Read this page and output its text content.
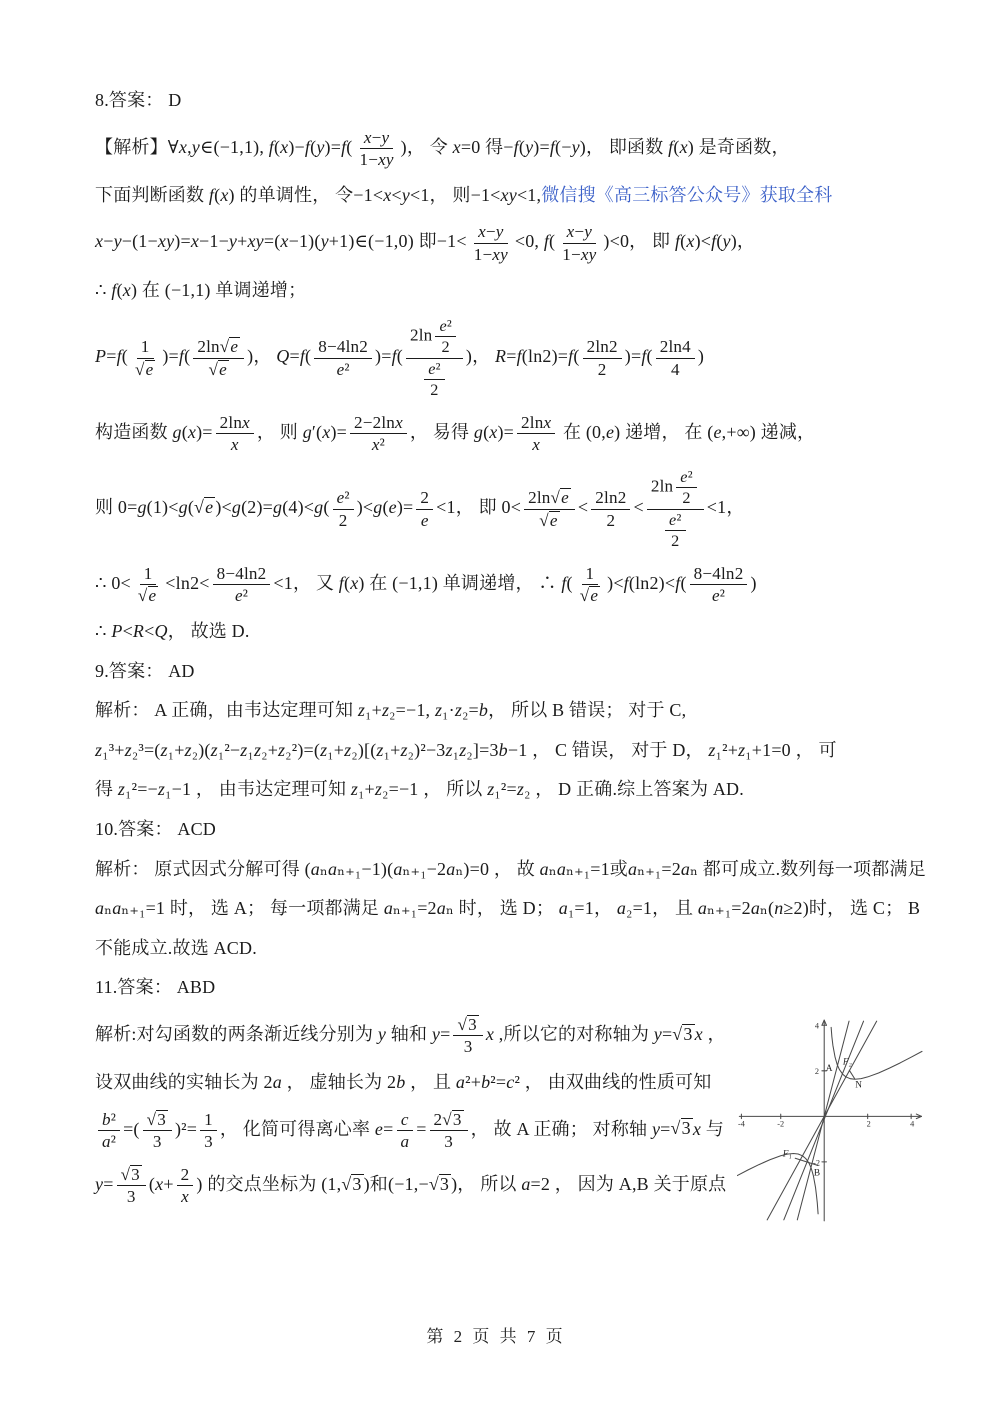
8.答案： D
【解析】∀x,y∈(−1,1), $f(x)-f(y)=f( \frac{x-y}{1-xy}$ )， 令 x=0 得−f(y)=f(−y)， 即函数 f(x) 是奇函数，
下面判断函数 f(x) 的单调性， 令−1<x<y<1， 则−1<xy<1,微信搜《高三标答公众号》获取全科
x−y−(1−xy)=x−1−y+xy=(x−1)(y+1)∈(−1,0) 即$-1< \frac{x-y}{1-xy} <0$, $f( \frac{x-y}{1-xy} )<0$， 即 f(x)<f(y)，
∴ f(x) 在 (−1,1) 单调递增；
$P=f( \frac{1}{√e} )=f( \frac{2\ln√e}{√e}$ )， $Q=f( \frac{8-4\ln 2}{\text{e²}} )=f( \frac{2\ln \frac{\text{e²}}{2}}{\frac{\text{e²}}{2}}$ )， $R=f(\ln 2)=f( \frac{2\ln 2}{2} )=f( \frac{2\ln 4}{4}$ )
构造函数 $g(x)= \frac{2\ln x}{x}$ ， 则 $g'(x)= \frac{2-2\ln x}{\text{x²}}$ ， 易得 $g(x)= \frac{2\ln x}{x}$ 在 (0,e) 递增， 在 (e,+∞) 递减，
则 0=g(1)<g(√e )$<g(2)=g(4)<g( \frac{\text{e²}}{2} )<g(e)= \frac{2}{e} <1$， 即 $0< \frac{2\ln√e}{√e} < \frac{2\ln 2}{2} < \frac{2\ln \frac{\text{e²}}{2}}{\frac{\text{e²}}{2}} <1$，
∴ $0< \frac{1}{√e} <\ln 2< \frac{8-4\ln 2}{\text{e²}} <1$， 又 f(x) 在 (−1,1) 单调递增， ∴ $f( \frac{1}{√e} )<f(\ln 2)<f( \frac{8-4\ln 2}{\text{e²}}$ )
∴ P<R<Q， 故选 D.
9.答案： AD
解析： A 正确，由韦达定理可知 z₁+z₂=−1, z₁·z₂=b， 所以 B 错误； 对于 C,
z₁³+z₂³=(z₁+z₂)(z₁²−z₁z₂+z₂²)=(z₁+z₂)[(z₁+z₂)²−3z₁z₂]=3b−1 ， C 错误， 对于 D， z₁²+z₁+1=0 ， 可
得 z₁²=−z₁−1 ， 由韦达定理可知 z₁+z₂=−1 ， 所以 z₁²=z₂ ， D 正确.综上答案为 AD.
10.答案： ACD
解析： 原式因式分解可得 (aₙaₙ₊₁−1)(aₙ₊₁−2aₙ)=0 ， 故 aₙaₙ₊₁=1或aₙ₊₁=2aₙ 都可成立.数列每一项都满足
aₙaₙ₊₁=1 时， 选 A； 每一项都满足 aₙ₊₁=2aₙ 时， 选 D； a₁=1， a₂=1， 且 aₙ₊₁=2aₙ(n≥2)时， 选 C； B
不能成立.故选 ACD.
11.答案： ABD
解析:对勾函数的两条渐近线分别为 y 轴和 $y= \frac{√3}{3}$ x ,所以它的对称轴为 y=√3 x ，
设双曲线的实轴长为 2a ， 虚轴长为 2b ， 且 a²+b²=c² ， 由双曲线的性质可知
$\frac{\text{b²}}{\text{a²}}$ =( $\frac{√3}{3} )^2= \frac{1}{3}$ ， 化简可得离心率 $e= \frac{c}{a} = \frac{2√3}{3}$ ， 故 A 正确； 对称轴 y=√3 x 与
$y= \frac{√3}{3} (x+ \frac{2}{x}$ ) 的交点坐标为 (1,√3 )和(−1,−√3 )， 所以 a=2 ， 因为 A,B 关于原点
-4	-2	2	4
4
2
-2
A
F₂
N
F₁
B
第 2 页 共 7 页
